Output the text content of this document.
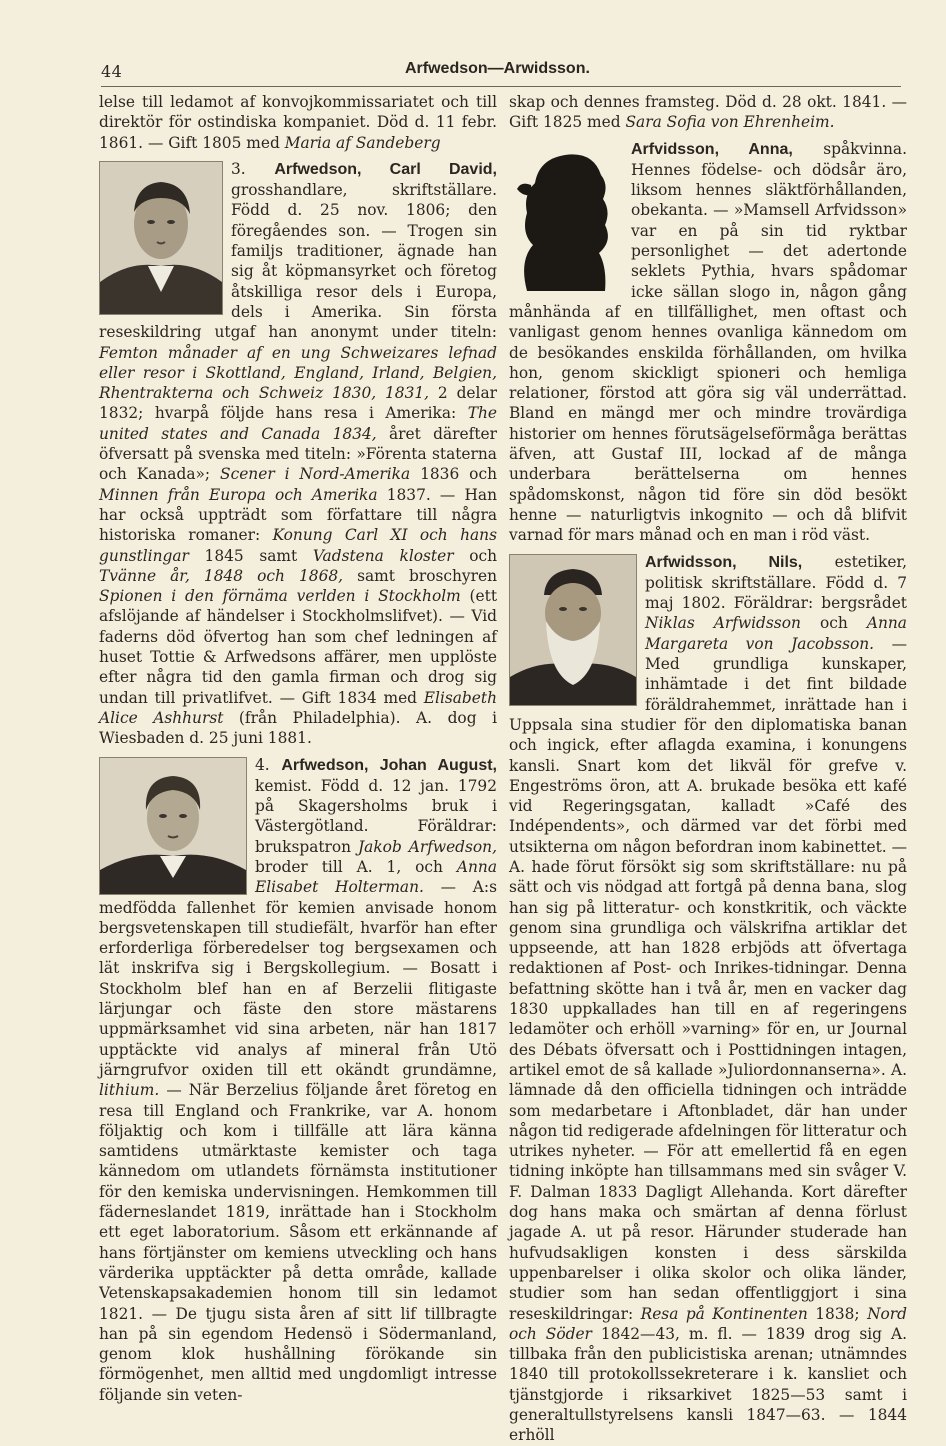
44	Arfwedson—Arwidsson.

lelse till ledamot af konvojkommissariatet och till direktör för ostindiska kompaniet. Död d. 11 febr. 1861. — Gift 1805 med Maria af Sandeberg

3. Arfwedson, Carl David, grosshandlare, skriftställare. Född d. 25 nov. 1806; den föregåendes son. — Trogen sin familjs traditioner, ägnade han sig åt köpmansyrket och företog åtskilliga resor dels i Europa, dels i Amerika. Sin första reseskildring utgaf han anonymt under titeln: Femton månader af en ung Schweizares lefnad eller resor i Skottland, England, Irland, Belgien, Rhentrakterna och Schweiz 1830, 1831, 2 delar 1832; hvarpå följde hans resa i Amerika: The united states and Canada 1834, året därefter öfversatt på svenska med titeln: »Förenta staterna och Kanada»; Scener i Nord-Amerika 1836 och Minnen från Europa och Amerika 1837. — Han har också uppträdt som författare till några historiska romaner: Konung Carl XI och hans gunstlingar 1845 samt Vadstena kloster och Tvänne år, 1848 och 1868, samt broschyren Spionen i den förnäma verlden i Stockholm (ett afslöjande af händelser i Stockholmslifvet). — Vid faderns död öfvertog han som chef ledningen af huset Tottie & Arfwedsons affärer, men upplöste efter några tid den gamla firman och drog sig undan till privatlifvet. — Gift 1834 med Elisabeth Alice Ashhurst (från Philadelphia). A. dog i Wiesbaden d. 25 juni 1881.

4. Arfwedson, Johan August,
kemist. Född d. 12 jan. 1792 på Skagersholms bruk i Västergötland. Föräldrar: brukspatron Jakob Arfwedson, broder till A. 1, och Anna Elisabet Holterman. — A:s medfödda fallenhet för kemien anvisade honom bergsvetenskapen till studiefält, hvarför han efter erforderliga förberedelser tog bergsexamen och lät inskrifva sig i Bergskollegium. — Bosatt i Stockholm blef han en af Berzelii flitigaste lärjungar och fäste den store mästarens uppmärksamhet vid sina arbeten, när han 1817 upptäckte vid analys af mineral från Utö järngrufvor oxiden till ett okändt grundämne, lithium. — När Berzelius följande året företog en resa till England och Frankrike, var A. honom följaktig och kom i tillfälle att lära känna samtidens utmärktaste kemister och taga kännedom om utlandets förnämsta institutioner för den kemiska undervisningen. Hemkommen till fäderneslandet 1819, inrättade han i Stockholm ett eget laboratorium. Såsom ett erkännande af hans förtjänster om kemiens utveckling och hans värderika upptäckter på detta område, kallade Vetenskapsakademien honom till sin ledamot 1821. — De tjugu sista åren af sitt lif tillbragte han på sin egendom Hedensö i Södermanland, genom klok hushållning förökande sin förmögenhet, men alltid med ungdomligt intresse följande sin veten-

skap och dennes framsteg. Död d. 28 okt. 1841. — Gift 1825 med Sara Sofia von Ehrenheim.

Arfvidsson, Anna,
spåkvinna. Hennes födelse- och dödsår äro, liksom hennes släktförhållanden, obekanta. — »Mamsell Arfvidsson» var en på sin tid ryktbar personlighet — det adertonde seklets Pythia, hvars spådomar icke sällan slogo in, någon gång månhända af en tillfällighet, men oftast och vanligast genom hennes ovanliga kännedom om de besökandes enskilda förhållanden, om hvilka hon, genom skickligt spioneri och hemliga relationer, förstod att göra sig väl underrättad. Bland en mängd mer och mindre trovärdiga historier om hennes förutsägelseförmåga berättas äfven, att Gustaf III, lockad af de många underbara berättelserna om hennes spådomskonst, någon tid före sin död besökt henne — naturligtvis inkognito — och då blifvit varnad för mars månad och en man i röd väst.

Arfwidsson, Nils,
estetiker, politisk skriftställare. Född d. 7 maj 1802. Föräldrar: bergsrådet Niklas Arfwidsson och Anna Margareta von Jacobsson. — Med grundliga kunskaper, inhämtade i det fint bildade föräldrahemmet, inrättade han i Uppsala sina studier för den diplomatiska banan och ingick, efter aflagda examina, i konungens kansli. Snart kom det likväl för grefve v. Engeströms öron, att A. brukade besöka ett kafé vid Regeringsgatan, kalladt »Café des Indépendents», och därmed var det förbi med utsikterna om någon befordran inom kabinettet. — A. hade förut försökt sig som skriftställare: nu på sätt och vis nödgad att fortgå på denna bana, slog han sig på litteratur- och konstkritik, och väckte genom sina grundliga och välskrifna artiklar det uppseende, att han 1828 erbjöds att öfvertaga redaktionen af Post- och Inrikes-tidningar. Denna befattning skötte han i två år, men en vacker dag 1830 uppkallades han till en af regeringens ledamöter och erhöll »varning» för en, ur Journal des Débats öfversatt och i Posttidningen intagen, artikel emot de så kallade »Juliordonnanserna». A. lämnade då den officiella tidningen och inträdde som medarbetare i Aftonbladet, där han under någon tid redigerade afdelningen för litteratur och utrikes nyheter. — För att emellertid få en egen tidning inköpte han tillsammans med sin svåger V. F. Dalman 1833 Dagligt Allehanda. Kort därefter dog hans maka och smärtan af denna förlust jagade A. ut på resor. Härunder studerade han hufvudsakligen konsten i dess särskilda uppenbarelser i olika skolor och olika länder, studier som han sedan offentliggjort i sina reseskildringar: Resa på Kontinenten 1838; Nord och Söder 1842—43, m. fl. — 1839 drog sig A. tillbaka från den publicistiska arenan; utnämndes 1840 till protokollssekreterare i k. kansliet och tjänstgjorde i riksarkivet 1825—53 samt i generaltullstyrelsens kansli 1847—63. — 1844 erhöll
